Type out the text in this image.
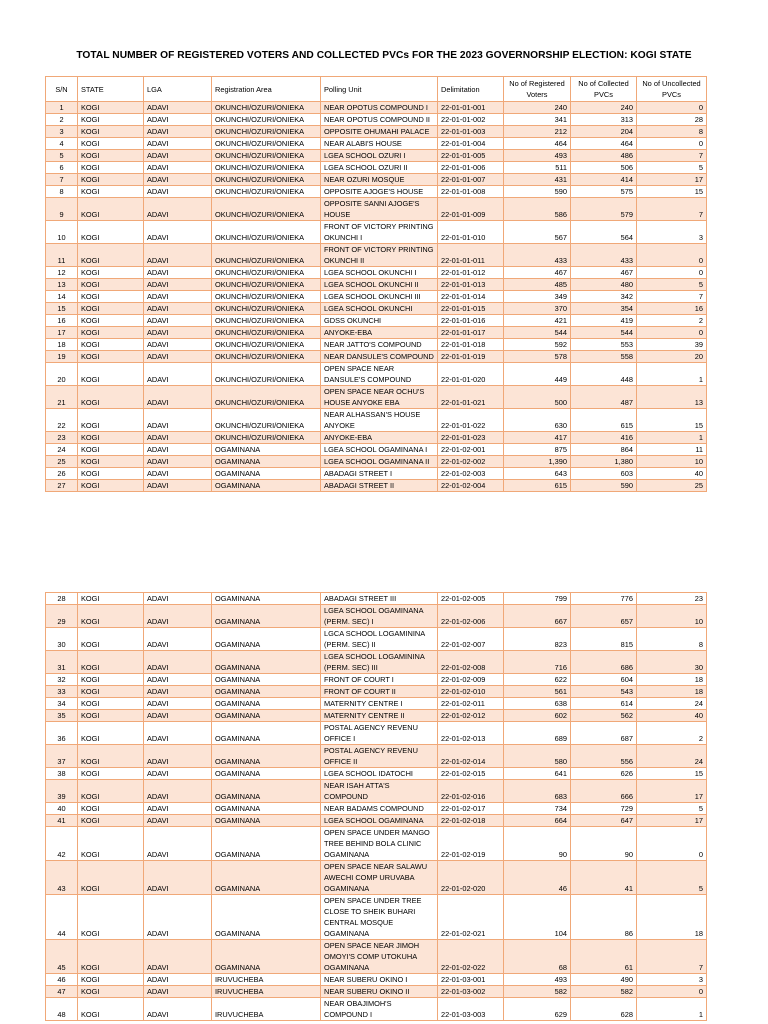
TOTAL NUMBER OF REGISTERED VOTERS AND COLLECTED PVCs FOR THE 2023 GOVERNORSHIP ELECTION: KOGI STATE
S/N	STATE	LGA	Registration Area	Polling Unit	Delimitation	No of Registered Voters	No of Collected PVCs	No of Uncollected PVCs
1	KOGI	ADAVI	OKUNCHI/OZURI/ONIEKA	NEAR OPOTUS COMPOUND I	22-01-01-001	240	240	0
2	KOGI	ADAVI	OKUNCHI/OZURI/ONIEKA	NEAR OPOTUS COMPOUND II	22-01-01-002	341	313	28
3	KOGI	ADAVI	OKUNCHI/OZURI/ONIEKA	OPPOSITE OHUMAHI PALACE	22-01-01-003	212	204	8
4	KOGI	ADAVI	OKUNCHI/OZURI/ONIEKA	NEAR ALABI'S HOUSE	22-01-01-004	464	464	0
5	KOGI	ADAVI	OKUNCHI/OZURI/ONIEKA	LGEA SCHOOL OZURI I	22-01-01-005	493	486	7
6	KOGI	ADAVI	OKUNCHI/OZURI/ONIEKA	LGEA SCHOOL OZURI II	22-01-01-006	511	506	5
7	KOGI	ADAVI	OKUNCHI/OZURI/ONIEKA	NEAR OZURI MOSQUE	22-01-01-007	431	414	17
8	KOGI	ADAVI	OKUNCHI/OZURI/ONIEKA	OPPOSITE AJOGE'S HOUSE	22-01-01-008	590	575	15
9	KOGI	ADAVI	OKUNCHI/OZURI/ONIEKA	OPPOSITE SANNI AJOGE'S HOUSE	22-01-01-009	586	579	7
10	KOGI	ADAVI	OKUNCHI/OZURI/ONIEKA	FRONT OF VICTORY PRINTING OKUNCHI I	22-01-01-010	567	564	3
11	KOGI	ADAVI	OKUNCHI/OZURI/ONIEKA	FRONT OF VICTORY PRINTING OKUNCHI II	22-01-01-011	433	433	0
12	KOGI	ADAVI	OKUNCHI/OZURI/ONIEKA	LGEA SCHOOL OKUNCHI I	22-01-01-012	467	467	0
13	KOGI	ADAVI	OKUNCHI/OZURI/ONIEKA	LGEA SCHOOL OKUNCHI II	22-01-01-013	485	480	5
14	KOGI	ADAVI	OKUNCHI/OZURI/ONIEKA	LGEA SCHOOL OKUNCHI III	22-01-01-014	349	342	7
15	KOGI	ADAVI	OKUNCHI/OZURI/ONIEKA	LGEA SCHOOL OKUNCHI	22-01-01-015	370	354	16
16	KOGI	ADAVI	OKUNCHI/OZURI/ONIEKA	GDSS OKUNCHI	22-01-01-016	421	419	2
17	KOGI	ADAVI	OKUNCHI/OZURI/ONIEKA	ANYOKE-EBA	22-01-01-017	544	544	0
18	KOGI	ADAVI	OKUNCHI/OZURI/ONIEKA	NEAR JATTO'S COMPOUND	22-01-01-018	592	553	39
19	KOGI	ADAVI	OKUNCHI/OZURI/ONIEKA	NEAR DANSULE'S COMPOUND	22-01-01-019	578	558	20
20	KOGI	ADAVI	OKUNCHI/OZURI/ONIEKA	OPEN SPACE NEAR DANSULE'S COMPOUND	22-01-01-020	449	448	1
21	KOGI	ADAVI	OKUNCHI/OZURI/ONIEKA	OPEN SPACE NEAR OCHU'S HOUSE ANYOKE EBA	22-01-01-021	500	487	13
22	KOGI	ADAVI	OKUNCHI/OZURI/ONIEKA	NEAR ALHASSAN'S HOUSE ANYOKE	22-01-01-022	630	615	15
23	KOGI	ADAVI	OKUNCHI/OZURI/ONIEKA	ANYOKE-EBA	22-01-01-023	417	416	1
24	KOGI	ADAVI	OGAMINANA	LGEA SCHOOL OGAMINANA I	22-01-02-001	875	864	11
25	KOGI	ADAVI	OGAMINANA	LGEA SCHOOL OGAMINANA II	22-01-02-002	1,390	1,380	10
26	KOGI	ADAVI	OGAMINANA	ABADAGI STREET I	22-01-02-003	643	603	40
27	KOGI	ADAVI	OGAMINANA	ABADAGI STREET II	22-01-02-004	615	590	25
28	KOGI	ADAVI	OGAMINANA	ABADAGI STREET III	22-01-02-005	799	776	23
29	KOGI	ADAVI	OGAMINANA	LGEA SCHOOL OGAMINANA (PERM. SEC) I	22-01-02-006	667	657	10
30	KOGI	ADAVI	OGAMINANA	LGCA SCHOOL LOGAMININA (PERM. SEC) II	22-01-02-007	823	815	8
31	KOGI	ADAVI	OGAMINANA	LGEA SCHOOL LOGAMININA (PERM. SEC) III	22-01-02-008	716	686	30
32	KOGI	ADAVI	OGAMINANA	FRONT OF COURT I	22-01-02-009	622	604	18
33	KOGI	ADAVI	OGAMINANA	FRONT OF COURT II	22-01-02-010	561	543	18
34	KOGI	ADAVI	OGAMINANA	MATERNITY CENTRE I	22-01-02-011	638	614	24
35	KOGI	ADAVI	OGAMINANA	MATERNITY CENTRE II	22-01-02-012	602	562	40
36	KOGI	ADAVI	OGAMINANA	POSTAL AGENCY REVENU OFFICE I	22-01-02-013	689	687	2
37	KOGI	ADAVI	OGAMINANA	POSTAL AGENCY REVENU OFFICE II	22-01-02-014	580	556	24
38	KOGI	ADAVI	OGAMINANA	LGEA SCHOOL IDATOCHI	22-01-02-015	641	626	15
39	KOGI	ADAVI	OGAMINANA	NEAR ISAH ATTA'S COMPOUND	22-01-02-016	683	666	17
40	KOGI	ADAVI	OGAMINANA	NEAR BADAMS COMPOUND	22-01-02-017	734	729	5
41	KOGI	ADAVI	OGAMINANA	LGEA SCHOOL OGAMINANA	22-01-02-018	664	647	17
42	KOGI	ADAVI	OGAMINANA	OPEN SPACE UNDER MANGO TREE BEHIND BOLA CLINIC OGAMINANA	22-01-02-019	90	90	0
43	KOGI	ADAVI	OGAMINANA	OPEN SPACE NEAR SALAWU AWECHI COMP URUVABA OGAMINANA	22-01-02-020	46	41	5
44	KOGI	ADAVI	OGAMINANA	OPEN SPACE UNDER TREE CLOSE TO SHEIK BUHARI CENTRAL MOSQUE OGAMINANA	22-01-02-021	104	86	18
45	KOGI	ADAVI	OGAMINANA	OPEN SPACE NEAR JIMOH OMOYI'S COMP UTOKUHA OGAMINANA	22-01-02-022	68	61	7
46	KOGI	ADAVI	IRUVUCHEBA	NEAR SUBERU OKINO I	22-01-03-001	493	490	3
47	KOGI	ADAVI	IRUVUCHEBA	NEAR SUBERU OKINO II	22-01-03-002	582	582	0
48	KOGI	ADAVI	IRUVUCHEBA	NEAR OBAJIMOH'S COMPOUND I	22-01-03-003	629	628	1
